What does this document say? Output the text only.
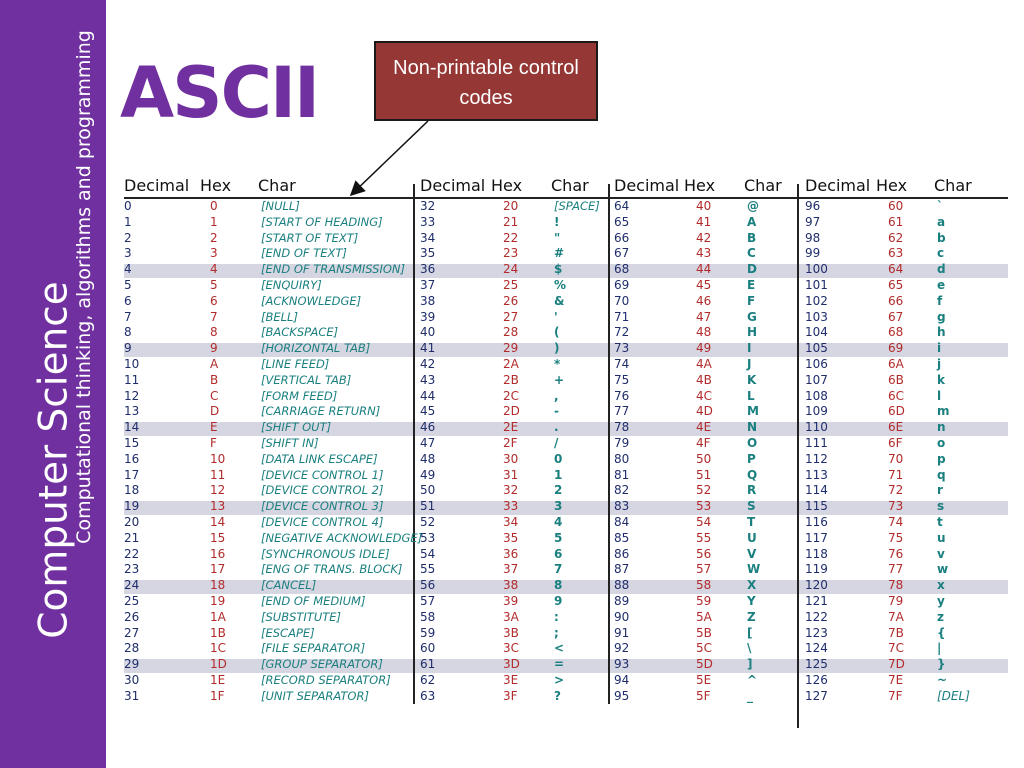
Computer Science
Computational thinking, algorithms and programming ASCII	Non-printable control codes
Decimal Hex Char	Decimal Hex Char Decimal Hex Char Decimal Hex Char
0	0	[NULL]
1	1	[START OF HEADING]
2	2	[START OF TEXT]
3	3	[END OF TEXT]
4	4	[END OF TRANSMISSION]
5	5	[ENQUIRY]
6	6	[ACKNOWLEDGE]
7	7	[BELL]
8	8	[BACKSPACE]
9	9	[HORIZONTAL TAB]
10	A	[LINE FEED]
11	B	[VERTICAL TAB]
12	C	[FORM FEED]
13	D	[CARRIAGE RETURN]
14	E	[SHIFT OUT]
15	F	[SHIFT IN]
16	10	[DATA LINK ESCAPE]
17	11	[DEVICE CONTROL 1]
18	12	[DEVICE CONTROL 2]
19	13	[DEVICE CONTROL 3]
20	14	[DEVICE CONTROL 4]
21	15	[NEGATIVE ACKNOWLEDGE]
22	16	[SYNCHRONOUS IDLE]
23	17	[ENG OF TRANS. BLOCK]
24	18	[CANCEL]
25	19	[END OF MEDIUM]
26	1A	[SUBSTITUTE]
27	1B	[ESCAPE]
28	1C	[FILE SEPARATOR]
29	1D	[GROUP SEPARATOR]
30	1E	[RECORD SEPARATOR]
31	1F	[UNIT SEPARATOR]
32	20	[SPACE]
33	21	!
34	22	"
35	23	#
36	24	$
37	25	%
38	26	&
39	27	'
40	28	(
41	29	)
42	2A	*
43	2B	+
44	2C	,
45	2D	-
46	2E	.
47	2F	/
48	30	0
49	31	1
50	32	2
51	33	3
52	34	4
53	35	5
54	36	6
55	37	7
56	38	8
57	39	9
58	3A	:
59	3B	;
60	3C	<
61	3D	=
62	3E	>
63	3F	?
64	40	@
65	41	A
66	42	B
67	43	C
68	44	D
69	45	E
70	46	F
71	47	G
72	48	H
73	49	I
74	4A	J
75	4B	K
76	4C	L
77	4D	M
78	4E	N
79	4F	O
80	50	P
81	51	Q
82	52	R
83	53	S
84	54	T
85	55	U
86	56	V
87	57	W
88	58	X
89	59	Y
90	5A	Z
91	5B	[
92	5C	\
93	5D	]
94	5E	^
95	5F	_
96	60	`
97	61	a
98	62	b
99	63	c
100	64	d
101	65	e
102	66	f
103	67	g
104	68	h
105	69	i
106	6A	j
107	6B	k
108	6C	l
109	6D	m
110	6E	n
111	6F	o
112	70	p
113	71	q
114	72	r
115	73	s
116	74	t
117	75	u
118	76	v
119	77	w
120	78	x
121	79	y
122	7A	z
123	7B	{
124	7C	|
125	7D	}
126	7E	~
127	7F	[DEL]
